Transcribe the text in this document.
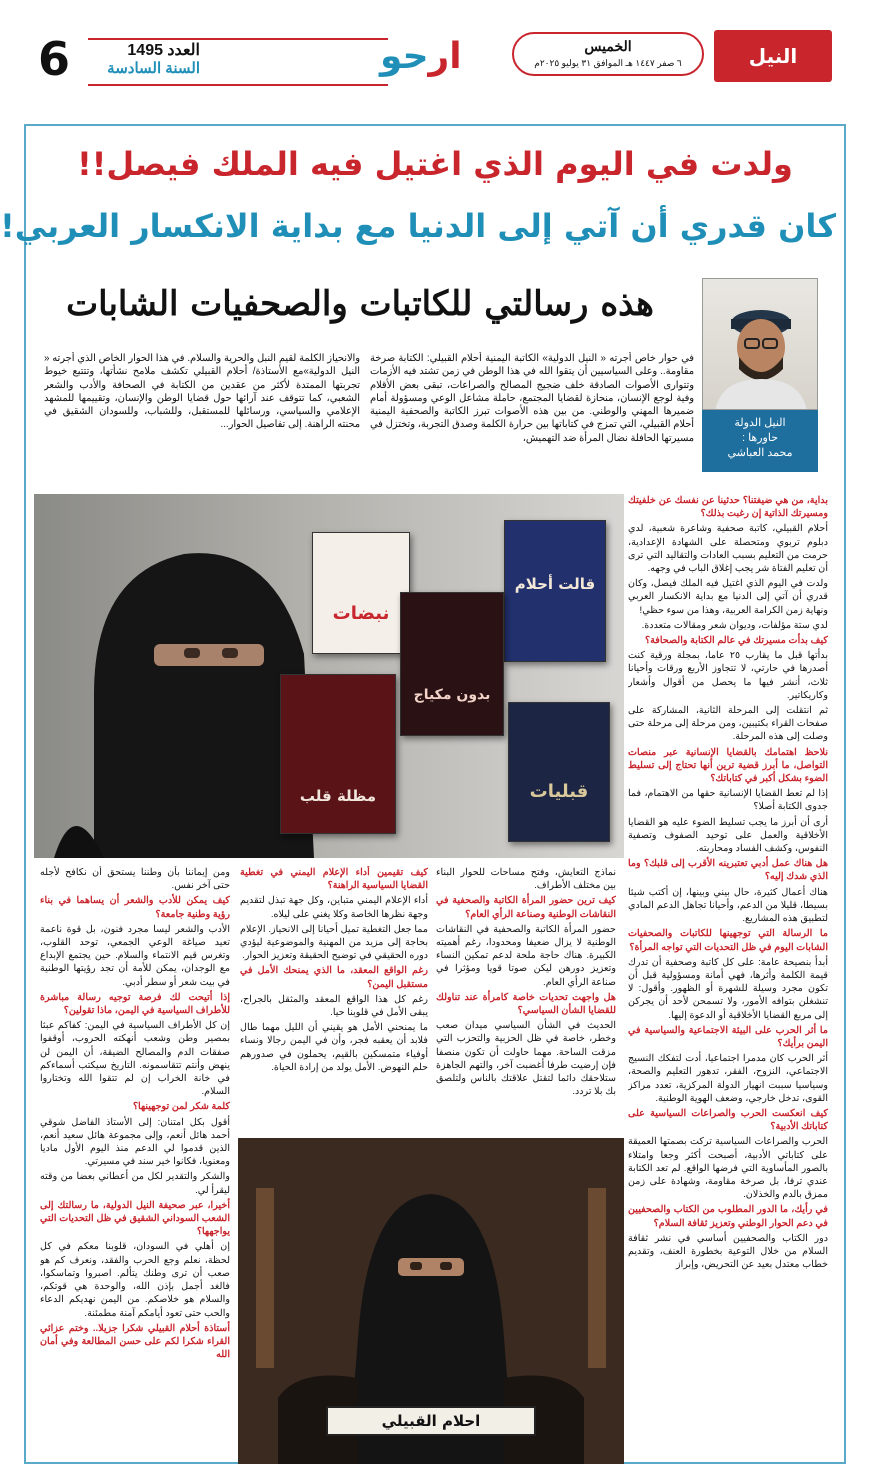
6	العدد 1495
السنة السادسة	ارحو	الخميس
٦ صفر ١٤٤٧ هـ الموافق ٣١ يوليو ٢٠٢٥م	النيل الدولية
ولدت في اليوم الذي اغتيل فيه الملك فيصل!!
كان قدري أن آتي إلى الدنيا مع بداية الانكسار العربي!
هذه رسالتي للكاتبات والصحفيات الشابات
النيل الدولة
حاورها :
محمد العباشي
في حوار خاص أجرته « النيل الدولية» الكاتبة اليمنية أحلام القبيلي: الكتابة صرخة مقاومة.. وعلى السياسيين أن يتقوا الله في هذا الوطن في زمن تشتد فيه الأزمات وتتوارى الأصوات الصادقة خلف ضجيج المصالح والصراعات، تبقى بعض الأقلام وفية لوجع الإنسان، منحازة لقضايا المجتمع، حاملة مشاعل الوعي ومسؤولة أمام ضميرها المهني والوطني. من بين هذه الأصوات تبرز الكاتبة والصحفية اليمنية أحلام القبيلي، التي تمزج في كتاباتها بين حرارة الكلمة وصدق التجربة، وتختزل في مسيرتها الحافلة نضال المرأة ضد التهميش،
والانحياز الكلمة لقيم النبل والحرية والسلام. في هذا الحوار الخاص الذي أجرته « النيل الدولية»مع الأستاذة/ أحلام القبيلي تكشف ملامح نشأتها، وتتتبع خيوط تجربتها الممتدة لأكثر من عقدين من الكتابة في الصحافة والأدب والشعر الشعبي، كما تتوقف عند آرائها حول قضايا الوطن والإنسان، وتقييمها للمشهد الإعلامي والسياسي، ورسائلها للمستقبل، وللشباب، وللسودان الشقيق في محنته الراهنة. إلى تفاصيل الحوار...
نبضات
قالت أحلام
بدون مكياج
مظلة قلب	قبليات

بداية، من هي ضيفتنا؟ حدثينا عن نفسك عن خلفيتك ومسيرتك الذاتية إن رغبت بذلك؟

أحلام القبيلي، كاتبة صحفية وشاعرة شعبية، لدي دبلوم تربوي ومتحصلة على الشهادة الإعدادية، حرمت من التعليم بسبب العادات والتقاليد التي ترى أن تعليم الفتاة شر يجب إغلاق الباب في وجهه.

ولدت في اليوم الذي اغتيل فيه الملك فيصل، وكان قدري أن آتي إلى الدنيا مع بداية الانكسار العربي ونهاية زمن الكرامة العربية، وهذا من سوء حظي!

لدي ستة مؤلفات، وديوان شعر ومقالات متعددة.

كيف بدأت مسيرتك في عالم الكتابة والصحافة؟

بدأتها قبل ما يقارب ٢٥ عاما، بمجلة ورقية كنت أصدرها في حارتي، لا تتجاوز الأربع ورقات وأحيانا ثلاث، أنشر فيها ما يحصل من أقوال وأشعار وكاريكاتير.

ثم انتقلت إلى المرحلة الثانية، المشاركة على صفحات القراء بكتيبين، ومن مرحلة إلى مرحلة حتى وصلت إلى هذه المرحلة.

نلاحظ اهتمامك بالقضايا الإنسانية عبر منصات التواصل، ما أبرز قضية ترين أنها تحتاج إلى تسليط الضوء بشكل أكبر في كتاباتك؟

إذا لم تعط القضايا الإنسانية حقها من الاهتمام، فما جدوى الكتابة أصلا؟

أرى أن أبرز ما يجب تسليط الضوء عليه هو القضايا الأخلاقية والعمل على توحيد الصفوف وتصفية النفوس، وكشف الفساد ومحاربته.

هل هناك عمل أدبي تعتبرينه الأقرب إلى قلبك؟ وما الذي شدك إليه؟

هناك أعمال كثيرة، حال بيني وبينها، إن أكتب شيئا بسيطا، قليلا من الدعم، وأحيانا تجاهل الدعم المادي لتطبيق هذه المشاريع.

ما الرسالة التي توجهينها للكاتبات والصحفيات الشابات اليوم في ظل التحديات التي تواجه المرأة؟

أبدأ بنصيحة عامة: على كل كاتبة وصحفية أن تدرك قيمة الكلمة وأثرها، فهي أمانة ومسؤولية قبل أن تكون مجرد وسيلة للشهرة أو الظهور. وأقول: لا تنشغلن بتوافه الأمور، ولا تسمحن لأحد أن يجركن إلى مربع القضايا الأخلاقية أو الدعوة إليها.

ما أثر الحرب على البيئة الاجتماعية والسياسية في اليمن برأيك؟

أثر الحرب كان مدمرا اجتماعيا، أدت لتفكك النسيج الاجتماعي، النزوح، الفقر، تدهور التعليم والصحة، وسياسيا سببت انهيار الدولة المركزية، تعدد مراكز القوى، تدخل خارجي، وضعف الهوية الوطنية.

كيف انعكست الحرب والصراعات السياسية على كتاباتك الأدبية؟

الحرب والصراعات السياسية تركت بصمتها العميقة على كتاباتي الأدبية، أصبحت أكثر وجعا وامتلاء بالصور المأساوية التي فرضها الواقع. لم تعد الكتابة عندي ترفا، بل صرخة مقاومة، وشهادة على زمن ممزق بالدم والخذلان.

في رأيك، ما الدور المطلوب من الكتاب والصحفيين في دعم الحوار الوطني وتعزيز ثقافة السلام؟

دور الكتاب والصحفيين أساسي في نشر ثقافة السلام من خلال التوعية بخطورة العنف، وتقديم خطاب معتدل بعيد عن التحريض، وإبراز

نماذج التعايش، وفتح مساحات للحوار البناء بين مختلف الأطراف.

كيف ترين حضور المرأة الكاتبة والصحفية في النقاشات الوطنية وصناعة الرأي العام؟

حضور المرأة الكاتبة والصحفية في النقاشات الوطنية لا يزال ضعيفا ومحدودا، رغم أهميته الكبيرة. هناك حاجة ملحة لدعم تمكين النساء وتعزيز دورهن ليكن صوتا قويا ومؤثرا في صناعة الرأي العام.

هل واجهت تحديات خاصة كامرأة عند تناولك للقضايا الشأن السياسي؟

الحديث في الشأن السياسي ميدان صعب وخطر، خاصة في ظل الحزبية والتحزب التي مزقت الساحة. مهما حاولت أن تكون منصفا فإن إرضيت طرفا أغضبت آخر، والتهم الجاهزة ستلاحقك دائما لتقتل علاقتك بالناس ولتلصق بك بلا تردد.

كيف تقيمين أداء الإعلام اليمني في تغطية القضايا السياسية الراهنة؟

أداء الإعلام اليمني متباين، وكل جهة تبذل لتقديم وجهة نظرها الخاصة وكلا يغني على ليلاه.

مما جعل التغطية تميل أحيانا إلى الانحياز. الإعلام بحاجة إلى مزيد من المهنية والموضوعية ليؤدي دوره الحقيقي في توضيح الحقيقة وتعزيز الحوار.

رغم الواقع المعقد، ما الذي يمنحك الأمل في مستقبل اليمن؟

رغم كل هذا الواقع المعقد والمثقل بالجراح، يبقى الأمل في قلوبنا حيا.

ما يمنحني الأمل هو يقيني أن الليل مهما طال فلابد أن يعقبه فجر، وأن في اليمن رجالا ونساء أوفياء متمسكين بالقيم، يحملون في صدورهم حلم النهوض. الأمل يولد من إرادة الحياة.

ومن إيماننا بأن وطننا يستحق أن نكافح لأجله حتى آخر نفس.

كيف يمكن للأدب والشعر أن يساهما في بناء رؤية وطنية جامعة؟

الأدب والشعر ليسا مجرد فنون، بل قوة ناعمة تعيد صياغة الوعي الجمعي، توحد القلوب، وتغرس قيم الانتماء والسلام. حين يجتمع الإبداع مع الوجدان، يمكن للأمة أن تجد رؤيتها الوطنية في بيت شعر أو سطر أدبي.

إذا أتيحت لك فرصة توجيه رسالة مباشرة للأطراف السياسية في اليمن، ماذا تقولين؟

إن كل الأطراف السياسية في اليمن: كفاكم عبثا بمصير وطن وشعب أنهكته الحروب، أوقفوا صفقات الدم والمصالح الضيقة، أن اليمن لن ينهض وأنتم تتقاسمونه. التاريخ سيكتب أسماءكم في خانة الخراب إن لم تتقوا الله وتختاروا السلام.

كلمة شكر لمن توجهينها؟

أقول بكل امتنان: إلى الأستاذ الفاضل شوقي أحمد هائل أنعم، وإلى مجموعة هائل سعيد أنعم، الذين قدموا لي الدعم منذ اليوم الأول ماديا ومعنويا، فكانوا خير سند في مسيرتي.

والشكر والتقدير لكل من أعطاني بعضا من وقته ليقرأ لي.

أخيرا، عبر صحيفة النيل الدولية، ما رسالتك إلى الشعب السوداني الشقيق في ظل التحديات التي يواجهها؟

إن أهلي في السودان، قلوبنا معكم في كل لحظة، نعلم وجع الحرب والفقد، ونعرف كم هو صعب أن ترى وطنك يتألم. اصبروا وتماسكوا، فالغد أجمل بإذن الله، والوحدة هي قوتكم، والسلام هو خلاصكم. من اليمن نهديكم الدعاء والحب حتى تعود أيامكم آمنة مطمئنة.

أستاذة أحلام القبيلي شكرا جزيلا.. وختم عزائي القراء شكرا لكم على حسن المطالعة وفي أمان الله

احلام القبيلي
